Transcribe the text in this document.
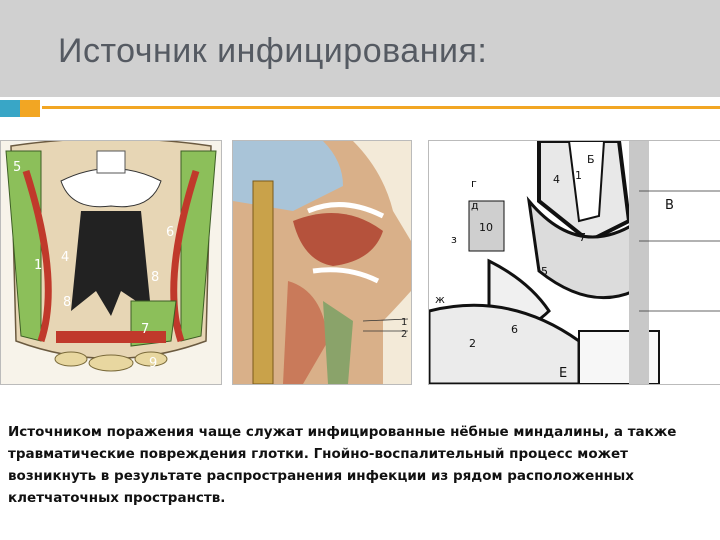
Источник инфицирования:
5
6
4
1
8
8
7
9
1
2
Б
4 1
г
В
д
10
з	7
5
ж
6
2
Е
Источником поражения чаще служат инфицированные нёбные миндалины, а также
травматические повреждения глотки. Гнойно-воспалительный процесс может
возникнуть в результате распространения инфекции из рядом расположенных
клетчаточных пространств.
